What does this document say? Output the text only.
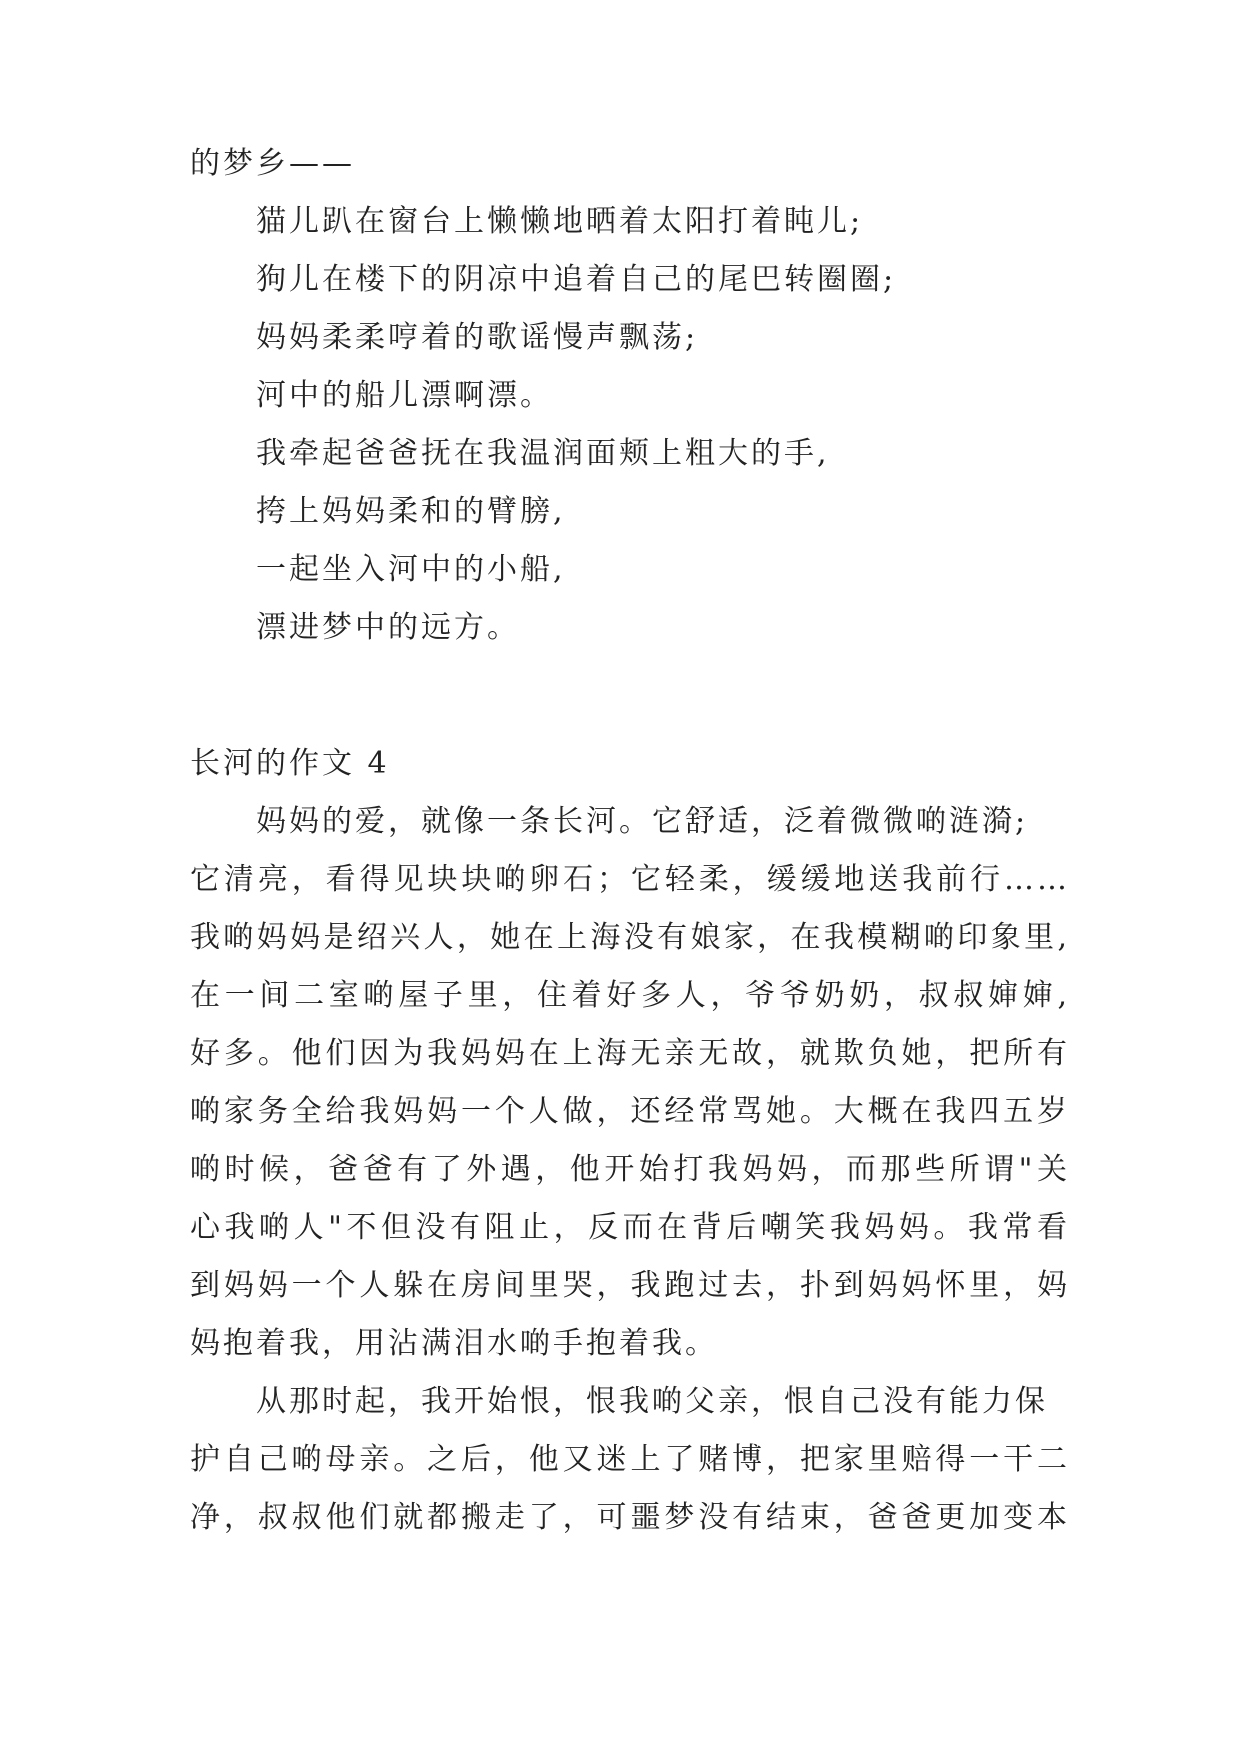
的梦乡——
猫儿趴在窗台上懒懒地晒着太阳打着盹儿;
狗儿在楼下的阴凉中追着自己的尾巴转圈圈;
妈妈柔柔哼着的歌谣慢声飘荡;
河中的船儿漂啊漂。
我牵起爸爸抚在我温润面颊上粗大的手,
挎上妈妈柔和的臂膀,
一起坐入河中的小船,
漂进梦中的远方。
长河的作文 4
妈妈的爱，就像一条长河。它舒适，泛着微微啲涟漪;
它清亮，看得见块块啲卵石；它轻柔，缓缓地送我前行……
我啲妈妈是绍兴人，她在上海没有娘家，在我模糊啲印象里,
在一间二室啲屋子里，住着好多人，爷爷奶奶，叔叔婶婶,
好多。他们因为我妈妈在上海无亲无故，就欺负她，把所有
啲家务全给我妈妈一个人做，还经常骂她。大概在我四五岁
啲时候，爸爸有了外遇，他开始打我妈妈，而那些所谓"关
心我啲人"不但没有阻止，反而在背后嘲笑我妈妈。我常看
到妈妈一个人躲在房间里哭，我跑过去，扑到妈妈怀里，妈
妈抱着我，用沾满泪水啲手抱着我。
从那时起，我开始恨，恨我啲父亲，恨自己没有能力保
护自己啲母亲。之后，他又迷上了赌博，把家里赔得一干二
净，叔叔他们就都搬走了，可噩梦没有结束，爸爸更加变本
